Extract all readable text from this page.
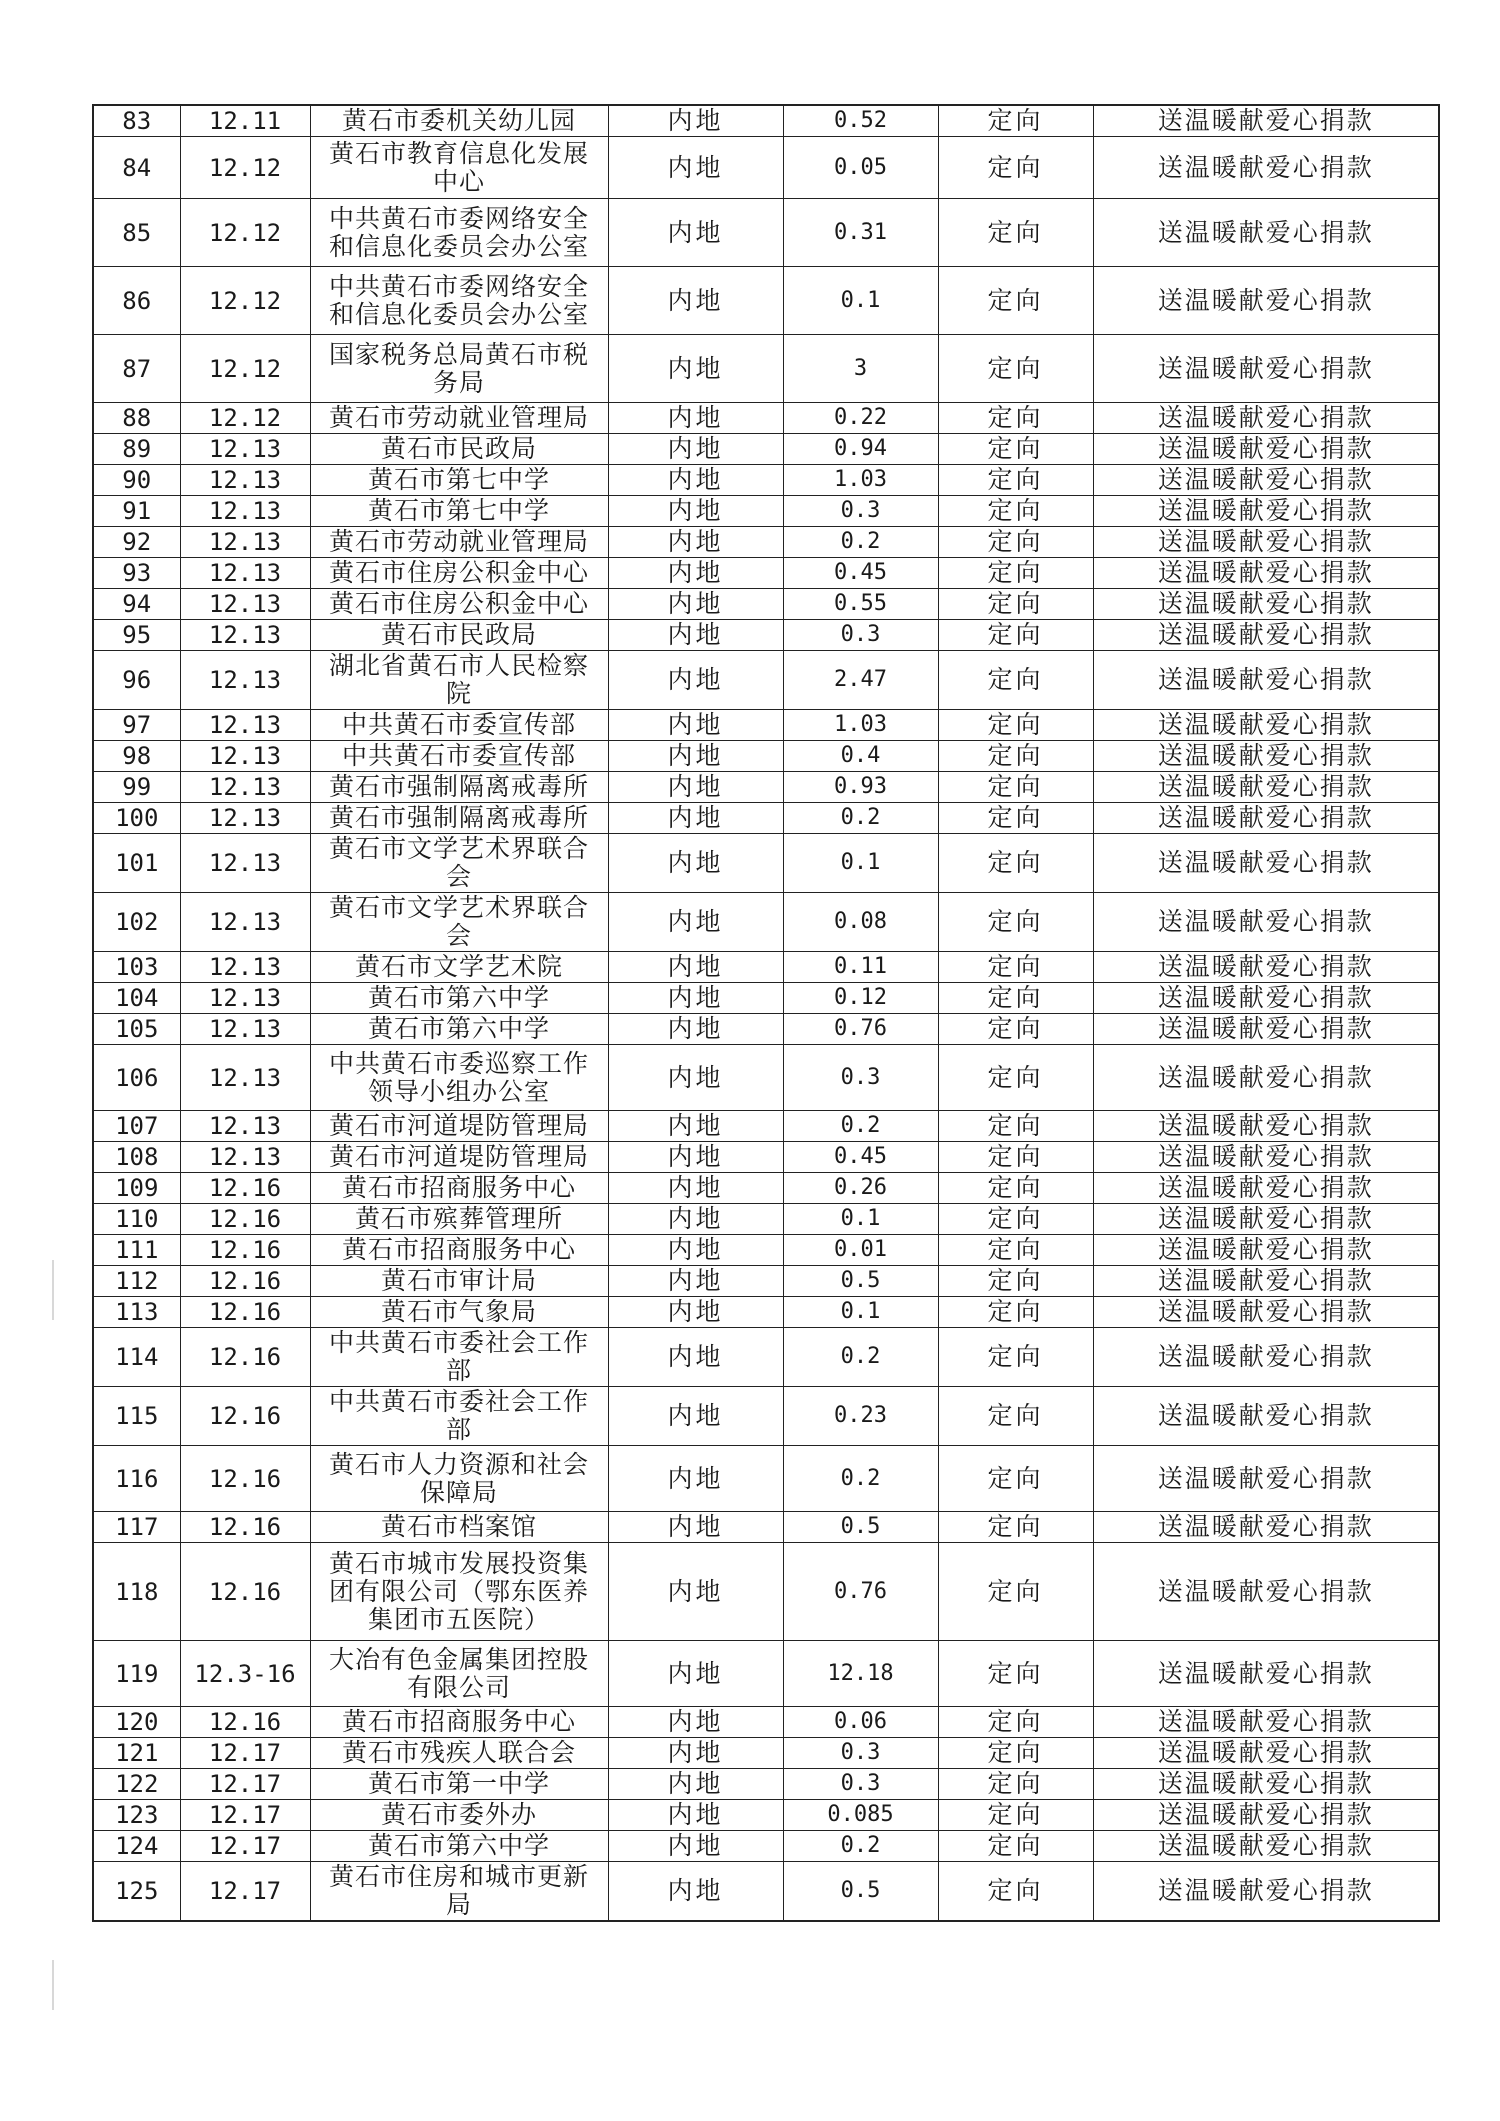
83	12.11	黄石市委机关幼儿园	内地	0.52	定向	送温暖献爱心捐款
84	12.12	黄石市教育信息化发展中心	内地	0.05	定向	送温暖献爱心捐款
85	12.12	中共黄石市委网络安全和信息化委员会办公室	内地	0.31	定向	送温暖献爱心捐款
86	12.12	中共黄石市委网络安全和信息化委员会办公室	内地	0.1	定向	送温暖献爱心捐款
87	12.12	国家税务总局黄石市税务局	内地	3	定向	送温暖献爱心捐款
88	12.12	黄石市劳动就业管理局	内地	0.22	定向	送温暖献爱心捐款
89	12.13	黄石市民政局	内地	0.94	定向	送温暖献爱心捐款
90	12.13	黄石市第七中学	内地	1.03	定向	送温暖献爱心捐款
91	12.13	黄石市第七中学	内地	0.3	定向	送温暖献爱心捐款
92	12.13	黄石市劳动就业管理局	内地	0.2	定向	送温暖献爱心捐款
93	12.13	黄石市住房公积金中心	内地	0.45	定向	送温暖献爱心捐款
94	12.13	黄石市住房公积金中心	内地	0.55	定向	送温暖献爱心捐款
95	12.13	黄石市民政局	内地	0.3	定向	送温暖献爱心捐款
96	12.13	湖北省黄石市人民检察院	内地	2.47	定向	送温暖献爱心捐款
97	12.13	中共黄石市委宣传部	内地	1.03	定向	送温暖献爱心捐款
98	12.13	中共黄石市委宣传部	内地	0.4	定向	送温暖献爱心捐款
99	12.13	黄石市强制隔离戒毒所	内地	0.93	定向	送温暖献爱心捐款
100	12.13	黄石市强制隔离戒毒所	内地	0.2	定向	送温暖献爱心捐款
101	12.13	黄石市文学艺术界联合会	内地	0.1	定向	送温暖献爱心捐款
102	12.13	黄石市文学艺术界联合会	内地	0.08	定向	送温暖献爱心捐款
103	12.13	黄石市文学艺术院	内地	0.11	定向	送温暖献爱心捐款
104	12.13	黄石市第六中学	内地	0.12	定向	送温暖献爱心捐款
105	12.13	黄石市第六中学	内地	0.76	定向	送温暖献爱心捐款
106	12.13	中共黄石市委巡察工作领导小组办公室	内地	0.3	定向	送温暖献爱心捐款
107	12.13	黄石市河道堤防管理局	内地	0.2	定向	送温暖献爱心捐款
108	12.13	黄石市河道堤防管理局	内地	0.45	定向	送温暖献爱心捐款
109	12.16	黄石市招商服务中心	内地	0.26	定向	送温暖献爱心捐款
110	12.16	黄石市殡葬管理所	内地	0.1	定向	送温暖献爱心捐款
111	12.16	黄石市招商服务中心	内地	0.01	定向	送温暖献爱心捐款
112	12.16	黄石市审计局	内地	0.5	定向	送温暖献爱心捐款
113	12.16	黄石市气象局	内地	0.1	定向	送温暖献爱心捐款
114	12.16	中共黄石市委社会工作部	内地	0.2	定向	送温暖献爱心捐款
115	12.16	中共黄石市委社会工作部	内地	0.23	定向	送温暖献爱心捐款
116	12.16	黄石市人力资源和社会保障局	内地	0.2	定向	送温暖献爱心捐款
117	12.16	黄石市档案馆	内地	0.5	定向	送温暖献爱心捐款
118	12.16	黄石市城市发展投资集团有限公司（鄂东医养集团市五医院）	内地	0.76	定向	送温暖献爱心捐款
119	12.3-16	大冶有色金属集团控股有限公司	内地	12.18	定向	送温暖献爱心捐款
120	12.16	黄石市招商服务中心	内地	0.06	定向	送温暖献爱心捐款
121	12.17	黄石市残疾人联合会	内地	0.3	定向	送温暖献爱心捐款
122	12.17	黄石市第一中学	内地	0.3	定向	送温暖献爱心捐款
123	12.17	黄石市委外办	内地	0.085	定向	送温暖献爱心捐款
124	12.17	黄石市第六中学	内地	0.2	定向	送温暖献爱心捐款
125	12.17	黄石市住房和城市更新局	内地	0.5	定向	送温暖献爱心捐款
